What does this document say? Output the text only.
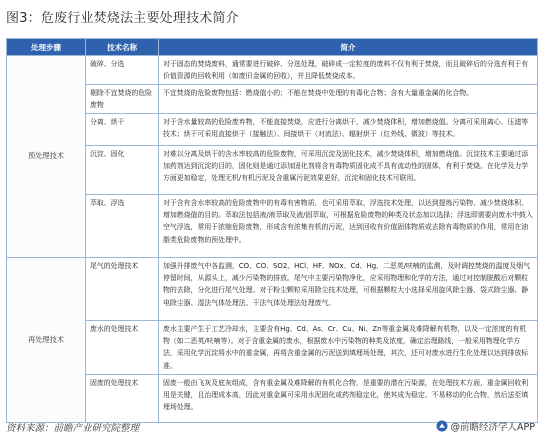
图3：危废行业焚烧法主要处理技术简介
处理步骤	技术名称	简介
预处理技术	破碎、分选	对于固态的焚烧废料，通常要进行破碎、分选处理，破碎成一定粒度的废料不仅有利于焚烧，而且破碎后的分选有利于有价值资源的回收利用（如废旧金属的回收），并且降低焚烧成本。
	剔除不宜焚烧的危险废物	不宜焚烧的危险废物包括：燃烧值小的；不能在焚烧中处理的有毒化合物；含有大量重金属的化合物。
	分离、烘干	对于含水量较高的危险废弃物，不能直接焚烧，应进行分离烘干，减少焚烧体积，增加燃烧值。分离可采用离心、压滤等技术；烘干可采用直接烘干（接触法）、间接烘干（对流法）、辐射烘干（红外线、微波）等技术。
	沉淀、固化	对难以分离及烘干的含水率较高的危险废物，可采用沉淀及固化技术，减少焚烧体积，增加燃烧值。沉淀技术主要通过添加药剂达到沉淀的目的，固化则是通过添加固化剂将含有毒物质固化成不具有流动性的固体，有利于焚烧。在化学及力学方面更加稳定，处理无机/有机污泥及含重属污泥效果更好，沉淀和固化技术可联用。
	萃取、浮选	对于含有含水率较高的危险废物中的有毒有害物质，也可采用萃取、浮选技术处理，以达到提炼污染物、减少焚烧体积、增加燃烧值的目的。萃取法包括液/液萃取及液/固萃取，可根据危险废物的种类及状态加以选择；浮选即需要向废水中鼓入空气浮选，常用于浓缩危险废物，形成含有浓集有机的污泥，达到回收有价值固体物质或去除有毒物质的作用，常用在油脂类危险废物的预处理中。
再处理技术	尾气的处理技术	加强升排废气中各监测，CO、CO、SO2、HCl、HF、NOx、Cd、Hg、二恶英/呋喃的监测，及时调控焚烧的温度及烟气停留时间，从源头上，减少污染物的排放。尾气中主要污染物净化，应采用物理和化学的方法，通过对控制脱酸后对颗粒物的去除，分化进行尾气处理。对于粉尘颗粒采用除尘技术处理，可根据颗粒大小选择采用旋风除尘器、袋式除尘器、静电除尘器、湿法气体处理法、干法气体处理法处理废气。
	废水的处理技术	废水主要产生于工艺冷却水，主要含有Hg、Cd、As、Cr、Cu、Ni、Zn等重金属及难降解有机物，以及一定浓度的有机物（如二恶英/呋喃等）。对于含重金属的废水，根据废水中污染物的种类及浓度，确定治理路线，一般采用物理化学方法，采用化学沉淀将水中的重金属，再将含重金属的污泥送到填埋场处理，其次，还可对废水进行生化处理以达到排放标准。
	固废的处理技术	固废一般由飞灰及底灰组成，含有重金属及难降解的有机化合物，是重要的潜在污染源，在处理技术方面，重金属回收利用是关键，且治理成本高，因此对重金属可采用水泥固化或药剂稳定化，使其成为稳定、不易移动的化合物，然后送至填埋场处理。
资料来源：前瞻产业研究院整理	@前瞻经济学人APP
